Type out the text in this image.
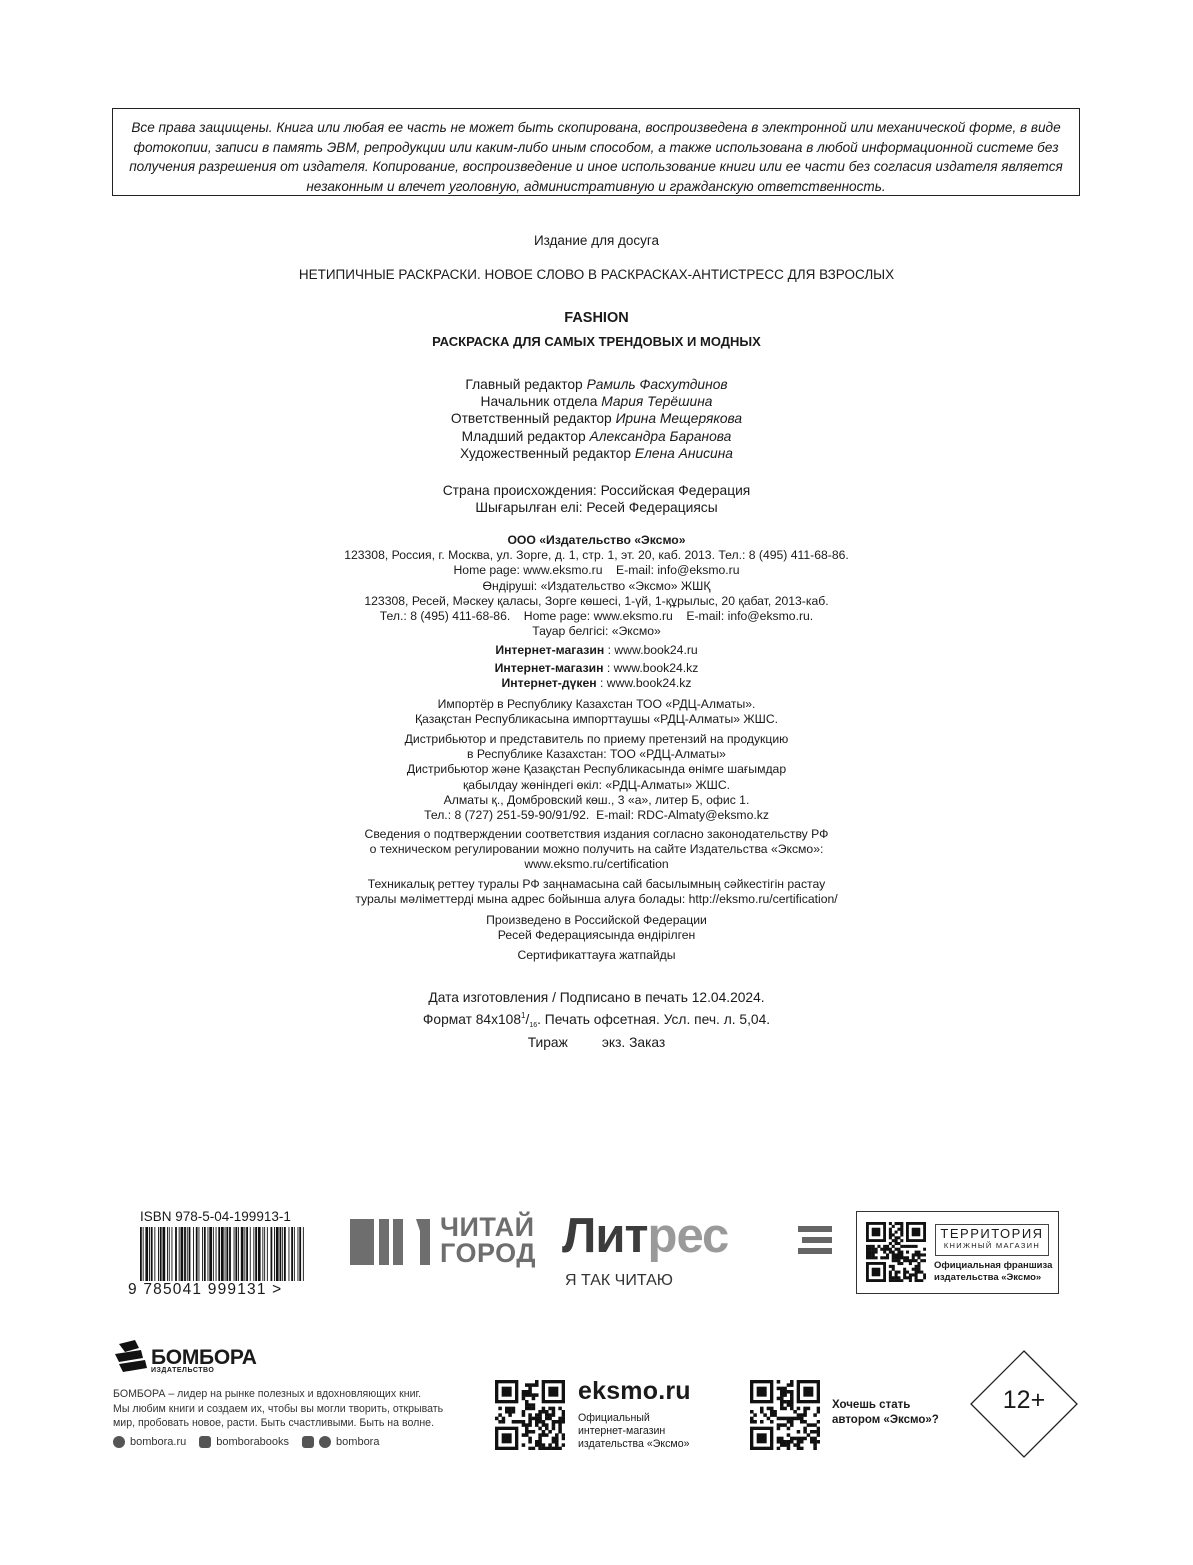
Все права защищены. Книга или любая ее часть не может быть скопирована, воспроизведена в электронной или механической форме, в виде фотокопии, записи в память ЭВМ, репродукции или каким-либо иным способом, а также использована в любой информационной системе без получения разрешения от издателя. Копирование, воспроизведение и иное использование книги или ее части без согласия издателя является незаконным и влечет уголовную, административную и гражданскую ответственность.
Издание для досуга
НЕТИПИЧНЫЕ РАСКРАСКИ. НОВОЕ СЛОВО В РАСКРАСКАХ-АНТИСТРЕСС ДЛЯ ВЗРОСЛЫХ
FASHION
РАСКРАСКА ДЛЯ САМЫХ ТРЕНДОВЫХ И МОДНЫХ
Главный редактор Рамиль Фасхутдинов
Начальник отдела Мария Терёшина
Ответственный редактор Ирина Мещерякова
Младший редактор Александра Баранова
Художественный редактор Елена Анисина
Страна происхождения: Российская Федерация
Шығарылған елі: Ресей Федерациясы
ООО «Издательство «Эксмо»
123308, Россия, г. Москва, ул. Зорге, д. 1, стр. 1, эт. 20, каб. 2013. Тел.: 8 (495) 411-68-86.
Home page: www.eksmo.ru    E-mail: info@eksmo.ru
Өндіруші: «Издательство «Эксмо» ЖШҚ
123308, Ресей, Мәскеу қаласы, Зорге көшесі, 1-үй, 1-құрылыс, 20 қабат, 2013-каб.
Тел.: 8 (495) 411-68-86.    Home page: www.eksmo.ru    E-mail: info@eksmo.ru.
Тауар белгісі: «Эксмо»
Интернет-магазин : www.book24.ru
Интернет-магазин : www.book24.kz
Интернет-дүкен : www.book24.kz
Импортёр в Республику Казахстан ТОО «РДЦ-Алматы».
Қазақстан Республикасына импорттаушы «РДЦ-Алматы» ЖШС.
Дистрибьютор и представитель по приему претензий на продукцию
в Республике Казахстан: ТОО «РДЦ-Алматы»
Дистрибьютор және Қазақстан Республикасында өнімге шағымдар
қабылдау жөніндегі өкіл: «РДЦ-Алматы» ЖШС.
Алматы қ., Домбровский көш., 3 «а», литер Б, офис 1.
Тел.: 8 (727) 251-59-90/91/92.  E-mail: RDC-Almaty@eksmo.kz
Сведения о подтверждении соответствия издания согласно законодательству РФ
о техническом регулировании можно получить на сайте Издательства «Эксмо»:
www.eksmo.ru/certification
Техникалық реттеу туралы РФ заңнамасына сай басылымның сәйкестігін растау
туралы мәліметтерді мына адрес бойынша алуға болады: http://eksmo.ru/certification/
Произведено в Российской Федерации
Ресей Федерациясында өндірілген
Сертификаттауға жатпайды
Дата изготовления / Подписано в печать 12.04.2024.
Формат $84x108^1/_{16}$. Печать офсетная. Усл. печ. л. 5,04.
Тираж экз. Заказ
ISBN 978-5-04-199913-1
9 785041 999131 >
ЧИТАЙ
ГОРОД Литрес
Я ТАК ЧИТАЮ
ТЕРРИТОРИЯ
КНИЖНЫЙ МАГАЗИН
Официальная франшиза
издательства «Эксмо»
БОМБОРА
ИЗДАТЕЛЬСТВО
БОМБОРА – лидер на рынке полезных и вдохновляющих книг.
Мы любим книги и создаем их, чтобы вы могли творить, открывать
мир, пробовать новое, расти. Быть счастливыми. Быть на волне.
bombora.ru	bomborabooks	bombora
eksmo.ru
Официальный
интернет-магазин
издательства «Эксмо»
Хочешь стать
автором «Эксмо»?
12+
